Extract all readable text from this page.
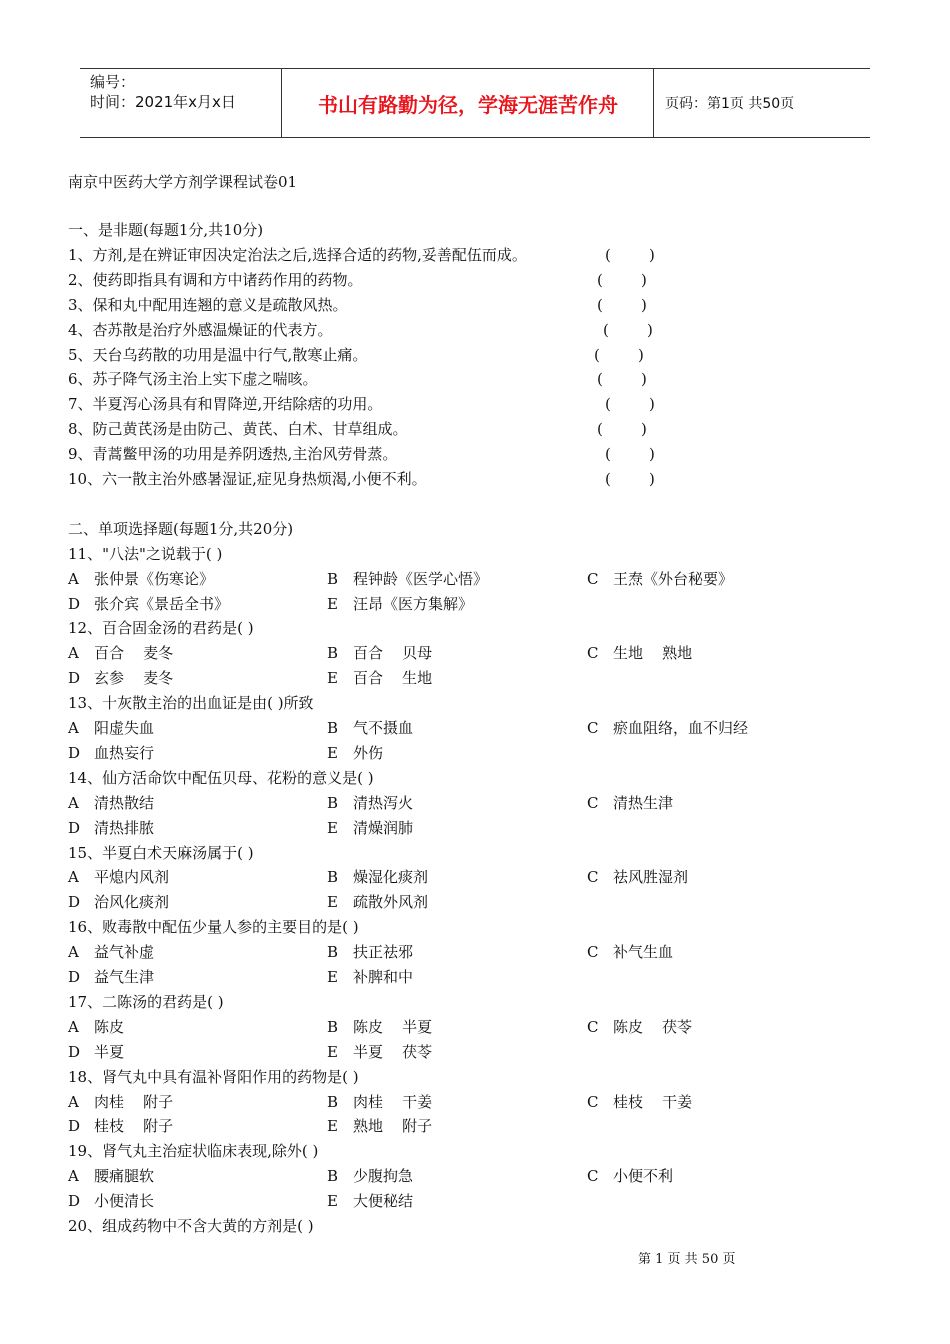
编号：
时间：2021年x月x日	书山有路勤为径，学海无涯苦作舟	页码：第1页 共50页
南京中医药大学方剂学课程试卷01
一、是非题(每题1分,共10分)
1、方剂,是在辨证审因决定治法之后,选择合适的药物,妥善配伍而成。	(        )
2、使药即指具有调和方中诸药作用的药物。	(        )
3、保和丸中配用连翘的意义是疏散风热。	(        )
4、杏苏散是治疗外感温燥证的代表方。	(        )
5、天台乌药散的功用是温中行气,散寒止痛。	(        )
6、苏子降气汤主治上实下虚之喘咳。	(        )
7、半夏泻心汤具有和胃降逆,开结除痞的功用。	(        )
8、防己黄芪汤是由防己、黄芪、白术、甘草组成。	(        )
9、青蒿鳖甲汤的功用是养阴透热,主治风劳骨蒸。	(        )
10、六一散主治外感暑湿证,症见身热烦渴,小便不利。	(        )
二、单项选择题(每题1分,共20分)
11、"八法"之说载于( )
A 张仲景《伤寒论》	B 程钟龄《医学心悟》	C 王焘《外台秘要》
D 张介宾《景岳全书》	E 汪昂《医方集解》
12、百合固金汤的君药是( )
A 百合    麦冬	B 百合    贝母	C 生地    熟地
D 玄参    麦冬	E 百合    生地
13、十灰散主治的出血证是由( )所致
A 阳虚失血	B 气不摄血	C 瘀血阻络，血不归经
D 血热妄行	E 外伤
14、仙方活命饮中配伍贝母、花粉的意义是( )
A 清热散结	B 清热泻火	C 清热生津
D 清热排脓	E 清燥润肺
15、半夏白术天麻汤属于( )
A 平熄内风剂	B 燥湿化痰剂	C 祛风胜湿剂
D 治风化痰剂	E 疏散外风剂
16、败毒散中配伍少量人参的主要目的是( )
A 益气补虚	B 扶正祛邪	C 补气生血
D 益气生津	E 补脾和中
17、二陈汤的君药是( )
A 陈皮	B 陈皮    半夏	C 陈皮    茯苓
D 半夏	E 半夏    茯苓
18、肾气丸中具有温补肾阳作用的药物是( )
A 肉桂    附子	B 肉桂    干姜	C 桂枝    干姜
D 桂枝    附子	E 熟地    附子
19、肾气丸主治症状临床表现,除外( )
A 腰痛腿软	B 少腹拘急	C 小便不利
D 小便清长	E 大便秘结
20、组成药物中不含大黄的方剂是( )
第 1 页 共 50 页
